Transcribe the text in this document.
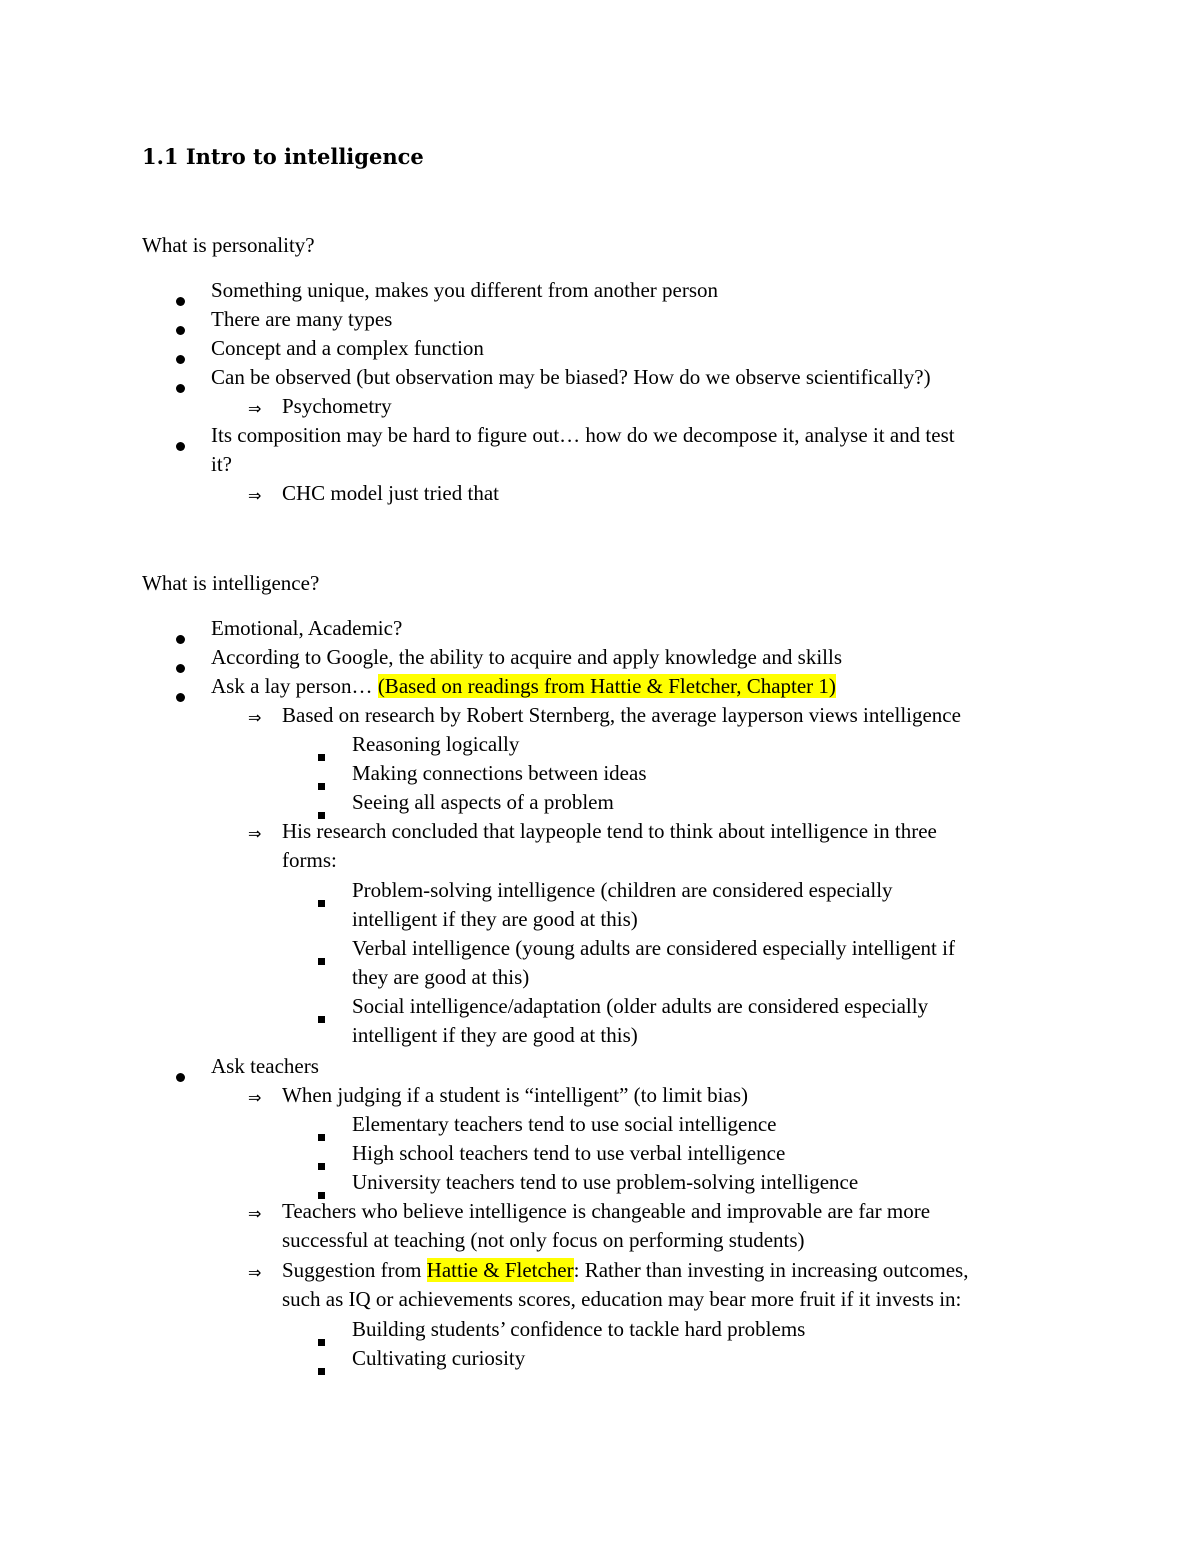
1.1 Intro to intelligence
What is personality?
Something unique, makes you different from another person
There are many types
Concept and a complex function
Can be observed (but observation may be biased? How do we observe scientifically?)
⇒ Psychometry
Its composition may be hard to figure out… how do we decompose it, analyse it and test
it?
⇒ CHC model just tried that
What is intelligence?
Emotional, Academic?
According to Google, the ability to acquire and apply knowledge and skills
Ask a lay person… (Based on readings from Hattie & Fletcher, Chapter 1)
⇒ Based on research by Robert Sternberg, the average layperson views intelligence
Reasoning logically
Making connections between ideas
Seeing all aspects of a problem
⇒ His research concluded that laypeople tend to think about intelligence in three
forms:
Problem-solving intelligence (children are considered especially
intelligent if they are good at this)
Verbal intelligence (young adults are considered especially intelligent if
they are good at this)
Social intelligence/adaptation (older adults are considered especially
intelligent if they are good at this)
Ask teachers
⇒ When judging if a student is “intelligent” (to limit bias)
Elementary teachers tend to use social intelligence
High school teachers tend to use verbal intelligence
University teachers tend to use problem-solving intelligence
⇒ Teachers who believe intelligence is changeable and improvable are far more
successful at teaching (not only focus on performing students)
⇒ Suggestion from Hattie & Fletcher: Rather than investing in increasing outcomes,
such as IQ or achievements scores, education may bear more fruit if it invests in:
Building students’ confidence to tackle hard problems
Cultivating curiosity
